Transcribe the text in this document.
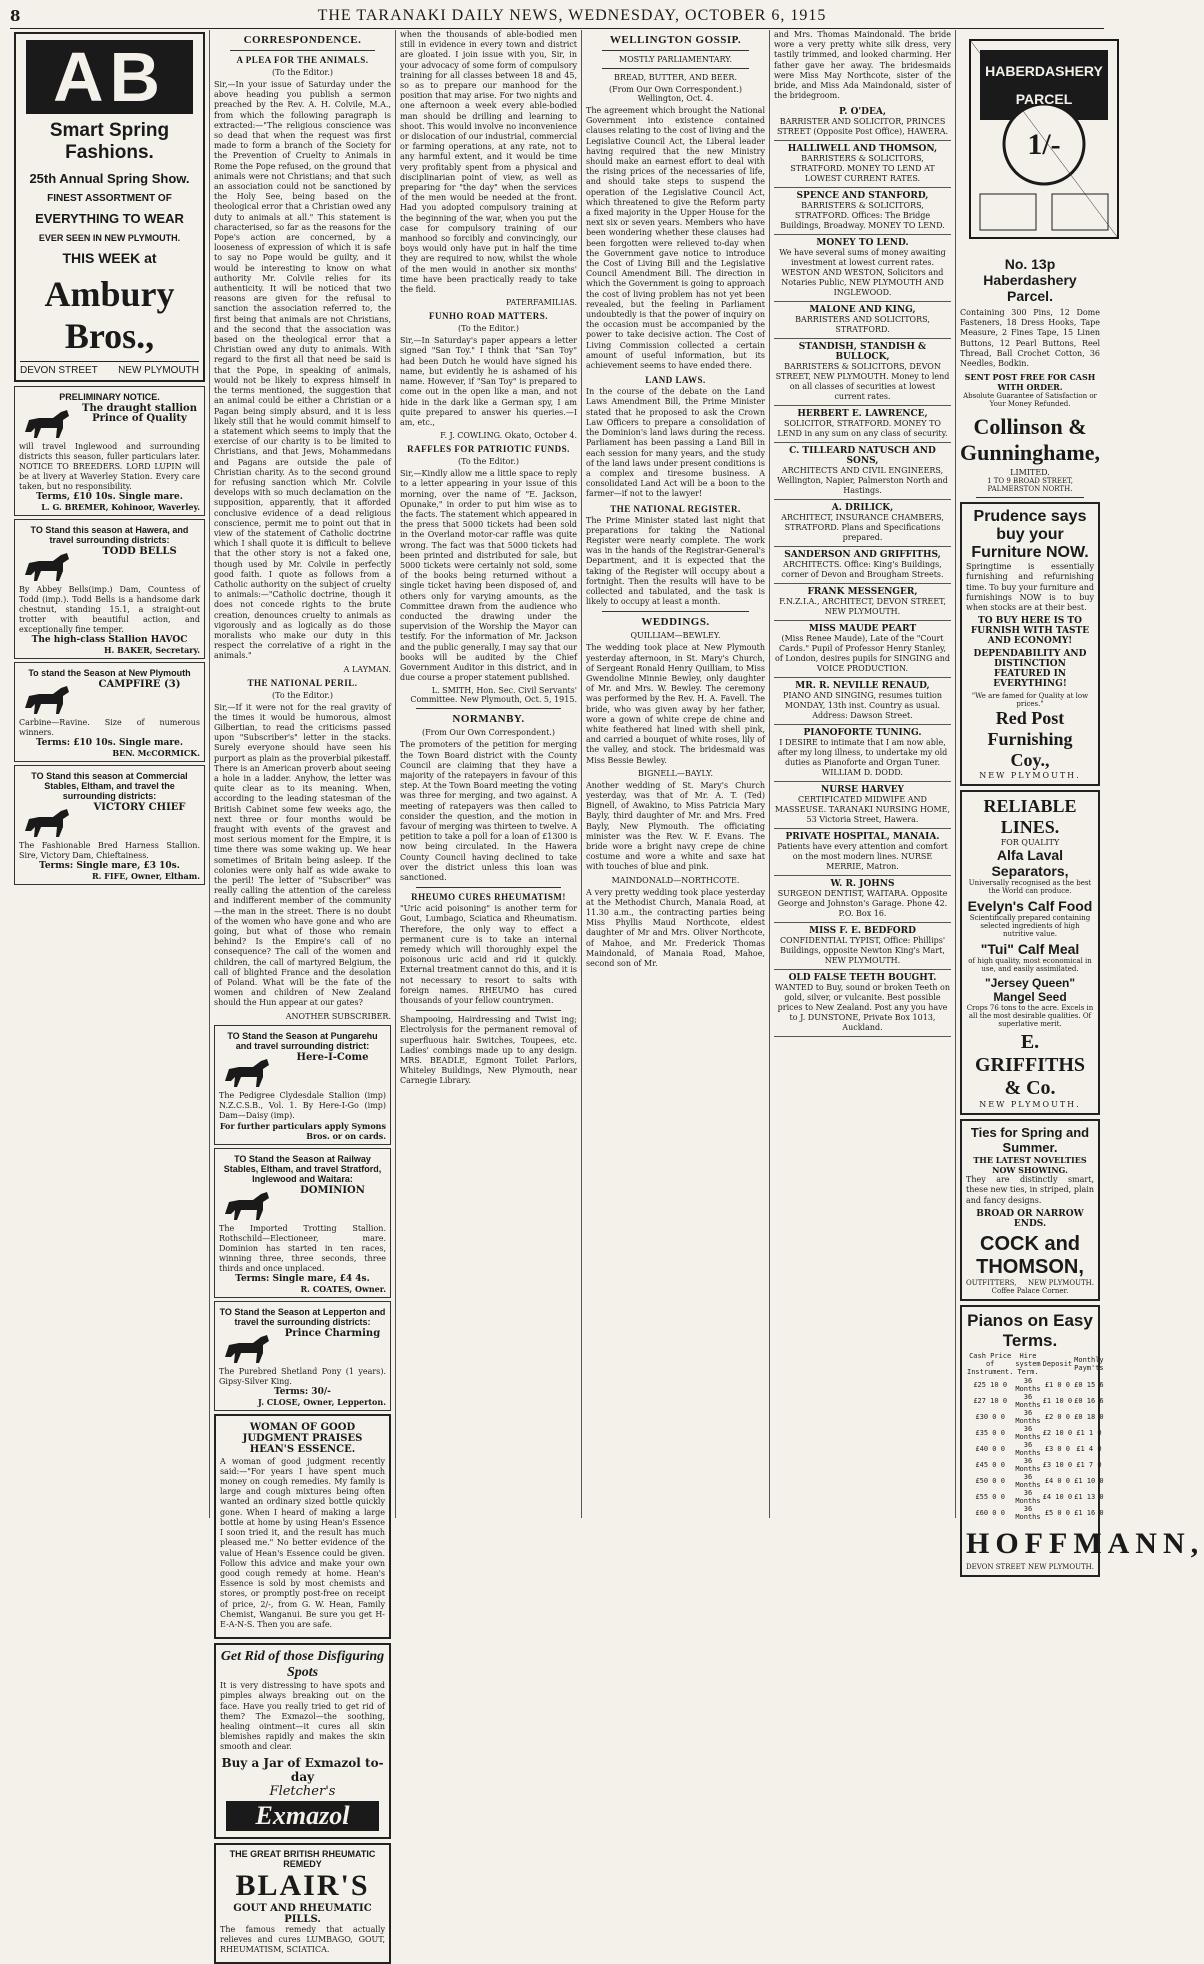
8	THE TARANAKI DAILY NEWS, WEDNESDAY, OCTOBER 6, 1915
AB
Smart Spring Fashions.
25th Annual Spring Show.
FINEST ASSORTMENT OF
EVERYTHING TO WEAR
EVER SEEN IN NEW PLYMOUTH.
THIS WEEK at
Ambury Bros.,
DEVON STREET NEW PLYMOUTH
PRELIMINARY NOTICE.
The draught stallion Prince of Quality
will travel Inglewood and surrounding districts this season, fuller particulars later. NOTICE TO BREEDERS. LORD LUPIN will be at livery at Waverley Station. Every care taken, but no responsibility.
Terms, £10 10s. Single mare.
L. G. BREMER, Kohinoor, Waverley.
TO Stand this season at Hawera, and travel surrounding districts:
TODD BELLS
By Abbey Bells(imp.) Dam, Countess of Todd (imp.). Todd Bells is a handsome dark chestnut, standing 15.1, a straight-out trotter with beautiful action, and exceptionally fine temper.
The high-class Stallion HAVOC
H. BAKER, Secretary.
To stand the Season at New Plymouth
CAMPFIRE (3)
Carbine—Ravine. Size of numerous winners.
Terms: £10 10s. Single mare.
BEN. McCORMICK.
TO Stand this season at Commercial Stables, Eltham, and travel the surrounding districts:
VICTORY CHIEF
The Fashionable Bred Harness Stallion. Sire, Victory Dam, Chieftainess.
Terms: Single mare, £3 10s.
R. FIFE, Owner, Eltham.
CORRESPONDENCE.
A PLEA FOR THE ANIMALS.
(To the Editor.)

Sir,—In your issue of Saturday under the above heading you publish a sermon preached by the Rev. A. H. Colvile, M.A., from which the following paragraph is extracted:—"The religious conscience was so dead that when the request was first made to form a branch of the Society for the Prevention of Cruelty to Animals in Rome the Pope refused, on the ground that animals were not Christians; and that such an association could not be sanctioned by the Holy See, being based on the theological error that a Christian owed any duty to animals at all." This statement is characterised, so far as the reasons for the Pope's action are concerned, by a looseness of expression of which it is safe to say no Pope would be guilty, and it would be interesting to know on what authority Mr. Colvile relies for its authenticity. It will be noticed that two reasons are given for the refusal to sanction the association referred to, the first being that animals are not Christians, and the second that the association was based on the theological error that a Christian owed any duty to animals. With regard to the first all that need be said is that the Pope, in speaking of animals, would not be likely to express himself in the terms mentioned, the suggestion that an animal could be either a Christian or a Pagan being simply absurd, and it is less likely still that he would commit himself to a statement which seems to imply that the exercise of our charity is to be limited to Christians, and that Jews, Mohammedans and Pagans are outside the pale of Christian charity. As to the second ground for refusing sanction which Mr. Colvile develops with so much declamation on the supposition, apparently, that it afforded conclusive evidence of a dead religious conscience, permit me to point out that in view of the statement of Catholic doctrine which I shall quote it is difficult to believe that the other story is not a faked one, though used by Mr. Colvile in perfectly good faith. I quote as follows from a Catholic authority on the subject of cruelty to animals:—"Catholic doctrine, though it does not concede rights to the brute creation, denounces cruelty to animals as vigorously and as logically as do those moralists who make our duty in this respect the correlative of a right in the animals."

A LAYMAN.

THE NATIONAL PERIL.
(To the Editor.)

Sir,—If it were not for the real gravity of the times it would be humorous, almost Gilbertian, to read the criticisms passed upon "Subscriber's" letter in the stacks. Surely everyone should have seen his purport as plain as the proverbial pikestaff. There is an American proverb about seeing a hole in a ladder. Anyhow, the letter was quite clear as to its meaning. When, according to the leading statesman of the British Cabinet some few weeks ago, the next three or four months would be fraught with events of the gravest and most serious moment for the Empire, it is time there was some waking up. We hear sometimes of Britain being asleep. If the colonies were only half as wide awake to the peril! The letter of "Subscriber" was really calling the attention of the careless and indifferent member of the community—the man in the street. There is no doubt of the women who have gone and who are going, but what of those who remain behind? Is the Empire's call of no consequence? The call of the women and children, the call of martyred Belgium, the call of blighted France and the desolation of Poland. What will be the fate of the women and children of New Zealand should the Hun appear at our gates?

ANOTHER SUBSCRIBER.

TO Stand the Season at Pungarehu and travel surrounding district:
Here-I-Come
The Pedigree Clydesdale Stallion (imp) N.Z.C.S.B., Vol. 1. By Here-I-Go (imp) Dam—Daisy (imp).
For further particulars apply Symons Bros. or on cards.
TO Stand the Season at Railway Stables, Eltham, and travel Stratford, Inglewood and Waitara:
DOMINION
The Imported Trotting Stallion. Rothschild—Electioneer, mare. Dominion has started in ten races, winning three, three seconds, three thirds and once unplaced.
Terms: Single mare, £4 4s.
R. COATES, Owner.
TO Stand the Season at Lepperton and travel the surrounding districts:
Prince Charming
The Purebred Shetland Pony (1 years). Gipsy-Silver King.
Terms: 30/-
J. CLOSE, Owner, Lepperton.
WOMAN OF GOOD JUDGMENT PRAISES HEAN'S ESSENCE.

A woman of good judgment recently said:—"For years I have spent much money on cough remedies. My family is large and cough mixtures being often wanted an ordinary sized bottle quickly gone. When I heard of making a large bottle at home by using Hean's Essence I soon tried it, and the result has much pleased me." No better evidence of the value of Hean's Essence could be given. Follow this advice and make your own good cough remedy at home. Hean's Essence is sold by most chemists and stores, or promptly post-free on receipt of price, 2/-, from G. W. Hean, Family Chemist, Wanganui. Be sure you get H-E-A-N-S. Then you are safe.

Get Rid of those Disfiguring Spots

It is very distressing to have spots and pimples always breaking out on the face. Have you really tried to get rid of them? The Exmazol—the soothing, healing ointment—it cures all skin blemishes rapidly and makes the skin smooth and clear.

Buy a Jar of Exmazol to-day
Fletcher's
Exmazol
THE GREAT BRITISH RHEUMATIC REMEDY
BLAIR'S
GOUT AND RHEUMATIC PILLS.

The famous remedy that actually relieves and cures LUMBAGO, GOUT, RHEUMATISM, SCIATICA.

when the thousands of able-bodied men still in evidence in every town and district are gloated. I join issue with you, Sir, in your advocacy of some form of compulsory training for all classes between 18 and 45, so as to prepare our manhood for the position that may arise. For two nights and one afternoon a week every able-bodied man should be drilling and learning to shoot. This would involve no inconvenience or dislocation of our industrial, commercial or farming operations, at any rate, not to any harmful extent, and it would be time very profitably spent from a physical and disciplinarian point of view, as well as preparing for "the day" when the services of the men would be needed at the front. Had you adopted compulsory training at the beginning of the war, when you put the case for compulsory training of our manhood so forcibly and convincingly, our boys would only have put in half the time they are required to now, whilst the whole of the men would in another six months' time have been practically ready to take the field.

PATERFAMILIAS.

FUNHO ROAD MATTERS.
(To the Editor.)

Sir,—In Saturday's paper appears a letter signed "San Toy." I think that "San Toy" had been Dutch he would have signed his name, but evidently he is ashamed of his name. However, if "San Toy" is prepared to come out in the open like a man, and not hide in the dark like a German spy, I am quite prepared to answer his queries.—I am, etc.,

F. J. COWLING. Okato, October 4.

RAFFLES FOR PATRIOTIC FUNDS.
(To the Editor.)

Sir,—Kindly allow me a little space to reply to a letter appearing in your issue of this morning, over the name of "E. Jackson, Opunake," in order to put him wise as to the facts. The statement which appeared in the press that 5000 tickets had been sold in the Overland motor-car raffle was quite wrong. The fact was that 5000 tickets had been printed and distributed for sale, but 5000 tickets were certainly not sold, some of the books being returned without a single ticket having been disposed of, and others only for varying amounts, as the Committee drawn from the audience who conducted the drawing under the supervision of the Worship the Mayor can testify. For the information of Mr. Jackson and the public generally, I may say that our books will be audited by the Chief Government Auditor in this district, and in due course a proper statement published.

L. SMITH, Hon. Sec. Civil Servants' Committee. New Plymouth, Oct. 5, 1915.

NORMANBY.
(From Our Own Correspondent.)

The promoters of the petition for merging the Town Board district with the County Council are claiming that they have a majority of the ratepayers in favour of this step. At the Town Board meeting the voting was three for merging, and two against. A meeting of ratepayers was then called to consider the question, and the motion in favour of merging was thirteen to twelve. A petition to take a poll for a loan of £1300 is now being circulated. In the Hawera County Council having declined to take over the district unless this loan was sanctioned.

RHEUMO CURES RHEUMATISM!

"Uric acid poisoning" is another term for Gout, Lumbago, Sciatica and Rheumatism. Therefore, the only way to effect a permanent cure is to take an internal remedy which will thoroughly expel the poisonous uric acid and rid it quickly. External treatment cannot do this, and it is not necessary to resort to salts with foreign names. RHEUMO has cured thousands of your fellow countrymen.

Shampooing, Hairdressing and Twist ing; Electrolysis for the permanent removal of superfluous hair. Switches, Toupees, etc. Ladies' combings made up to any design. MRS. BEADLE, Egmont Toilet Parlors, Whiteley Buildings, New Plymouth, near Carnegie Library.

WELLINGTON GOSSIP.
MOSTLY PARLIAMENTARY.
BREAD, BUTTER, AND BEER.
(From Our Own Correspondent.) Wellington, Oct. 4.

The agreement which brought the National Government into existence contained clauses relating to the cost of living and the Legislative Council Act, the Liberal leader having required that the new Ministry should make an earnest effort to deal with the rising prices of the necessaries of life, and should take steps to suspend the operation of the Legislative Council Act, which threatened to give the Reform party a fixed majority in the Upper House for the next six or seven years. Members who have been wondering whether these clauses had been forgotten were relieved to-day when the Government gave notice to introduce the Cost of Living Bill and the Legislative Council Amendment Bill. The direction in which the Government is going to approach the cost of living problem has not yet been revealed, but the feeling in Parliament undoubtedly is that the power of inquiry on the occasion must be accompanied by the power to take decisive action. The Cost of Living Commission collected a certain amount of useful information, but its achievement seems to have ended there.

LAND LAWS.

In the course of the debate on the Land Laws Amendment Bill, the Prime Minister stated that he proposed to ask the Crown Law Officers to prepare a consolidation of the Dominion's land laws during the recess. Parliament has been passing a Land Bill in each session for many years, and the study of the land laws under present conditions is a complex and tiresome business. A consolidated Land Act will be a boon to the farmer—if not to the lawyer!

THE NATIONAL REGISTER.

The Prime Minister stated last night that preparations for taking the National Register were nearly complete. The work was in the hands of the Registrar-General's Department, and it is expected that the taking of the Register will occupy about a fortnight. Then the results will have to be collected and tabulated, and the task is likely to occupy at least a month.

WEDDINGS.
QUILLIAM—BEWLEY.

The wedding took place at New Plymouth yesterday afternoon, in St. Mary's Church, of Sergeant Ronald Henry Quilliam, to Miss Gwendoline Minnie Bewley, only daughter of Mr. and Mrs. W. Bewley. The ceremony was performed by the Rev. H. A. Favell. The bride, who was given away by her father, wore a gown of white crepe de chine and white feathered hat lined with shell pink, and carried a bouquet of white roses, lily of the valley, and stock. The bridesmaid was Miss Bessie Bewley.

BIGNELL—BAYLY.

Another wedding of St. Mary's Church yesterday, was that of Mr. A. T. (Ted) Bignell, of Awakino, to Miss Patricia Mary Bayly, third daughter of Mr. and Mrs. Fred Bayly, New Plymouth. The officiating minister was the Rev. W. F. Evans. The bride wore a bright navy crepe de chine costume and wore a white and saxe hat with touches of blue and pink.

MAINDONALD—NORTHCOTE.

A very pretty wedding took place yesterday at the Methodist Church, Manaia Road, at 11.30 a.m., the contracting parties being Miss Phyllis Maud Northcote, eldest daughter of Mr and Mrs. Oliver Northcote, of Mahoe, and Mr. Frederick Thomas Maindonald, of Manaia Road, Mahoe, second son of Mr.

and Mrs. Thomas Maindonald. The bride wore a very pretty white silk dress, very tastily trimmed, and looked charming. Her father gave her away. The bridesmaids were Miss May Northcote, sister of the bride, and Miss Ada Maindonald, sister of the bridegroom.

P. O'DEA,
BARRISTER AND SOLICITOR, PRINCES STREET (Opposite Post Office), HAWERA.
HALLIWELL AND THOMSON,
BARRISTERS & SOLICITORS, STRATFORD. MONEY TO LEND AT LOWEST CURRENT RATES.
SPENCE AND STANFORD,
BARRISTERS & SOLICITORS, STRATFORD. Offices: The Bridge Buildings, Broadway. MONEY TO LEND.
MONEY TO LEND.
We have several sums of money awaiting investment at lowest current rates. WESTON AND WESTON, Solicitors and Notaries Public, NEW PLYMOUTH AND INGLEWOOD.
MALONE AND KING,
BARRISTERS AND SOLICITORS, STRATFORD.
STANDISH, STANDISH & BULLOCK,
BARRISTERS & SOLICITORS, DEVON STREET, NEW PLYMOUTH. Money to lend on all classes of securities at lowest current rates.
HERBERT E. LAWRENCE,
SOLICITOR, STRATFORD. MONEY TO LEND in any sum on any class of security.
C. TILLEARD NATUSCH AND SONS,
ARCHITECTS AND CIVIL ENGINEERS, Wellington, Napier, Palmerston North and Hastings.
A. DRILICK,
ARCHITECT, INSURANCE CHAMBERS, STRATFORD. Plans and Specifications prepared.
SANDERSON AND GRIFFITHS,
ARCHITECTS. Office: King's Buildings, corner of Devon and Brougham Streets.
FRANK MESSENGER,
F.N.Z.I.A., ARCHITECT, DEVON STREET, NEW PLYMOUTH.
MISS MAUDE PEART
(Miss Renee Maude), Late of the "Court Cards." Pupil of Professor Henry Stanley, of London, desires pupils for SINGING and VOICE PRODUCTION.
MR. R. NEVILLE RENAUD,
PIANO AND SINGING, resumes tuition MONDAY, 13th inst. Country as usual. Address: Dawson Street.
PIANOFORTE TUNING.
I DESIRE to intimate that I am now able, after my long illness, to undertake my old duties as Pianoforte and Organ Tuner. WILLIAM D. DODD.
NURSE HARVEY
CERTIFICATED MIDWIFE AND MASSEUSE. TARANAKI NURSING HOME, 53 Victoria Street, Hawera.
PRIVATE HOSPITAL, MANAIA.
Patients have every attention and comfort on the most modern lines. NURSE MERRIE, Matron.
W. R. JOHNS
SURGEON DENTIST, WAITARA. Opposite George and Johnston's Garage. Phone 42. P.O. Box 16.
MISS F. E. BEDFORD
CONFIDENTIAL TYPIST, Office: Phillips' Buildings, opposite Newton King's Mart, NEW PLYMOUTH.
OLD FALSE TEETH BOUGHT.
WANTED to Buy, sound or broken Teeth on gold, silver, or vulcanite. Best possible prices to New Zealand. Post any you have to J. DUNSTONE, Private Box 1013, Auckland.
HABERDASHERY
1/-
PARCEL
No. 13p Haberdashery Parcel.

Containing 300 Pins, 12 Dome Fasteners, 18 Dress Hooks, Tape Measure, 2 Fines Tape, 15 Linen Buttons, 12 Pearl Buttons, Reel Thread, Ball Crochet Cotton, 36 Needles, Bodkin.

SENT POST FREE FOR CASH WITH ORDER.
Absolute Guarantee of Satisfaction or Your Money Refunded.
Collinson & Gunninghame,
LIMITED.
1 TO 9 BROAD STREET, PALMERSTON NORTH.
Prudence says buy your Furniture NOW.

Springtime is essentially furnishing and refurnishing time. To buy your furniture and furnishings NOW is to buy when stocks are at their best.

TO BUY HERE IS TO FURNISH WITH TASTE AND ECONOMY!
DEPENDABILITY AND DISTINCTION FEATURED IN EVERYTHING!
"We are famed for Quality at low prices."
Red Post Furnishing Coy.,
NEW PLYMOUTH.
RELIABLE LINES.
FOR QUALITY
Alfa Laval Separators,
Universally recognised as the best the World can produce.
Evelyn's Calf Food
Scientifically prepared containing selected ingredients of high nutritive value.
"Tui" Calf Meal
of high quality, most economical in use, and easily assimilated.
"Jersey Queen" Mangel Seed
Crops 76 tons to the acre. Excels in all the most desirable qualities. Of superlative merit.
E. GRIFFITHS & Co.
NEW PLYMOUTH.
Ties for Spring and Summer.
THE LATEST NOVELTIES NOW SHOWING.

They are distinctly smart, these new ties, in striped, plain and fancy designs.

BROAD OR NARROW ENDS.
COCK and THOMSON,
OUTFITTERS, NEW PLYMOUTH.
Coffee Palace Corner.
Pianos on Easy Terms.
Cash Price of Instrument.	Hire system Term.	Deposit	Monthly Paym'ts
£25 10 0	36 Months	£1 0 0	£0 15 6
£27 10 0	36 Months	£1 10 0	£0 16 6
£30 0 0	36 Months	£2 0 0	£0 18 0
£35 0 0	36 Months	£2 10 0	£1 1 0
£40 0 0	36 Months	£3 0 0	£1 4 0
£45 0 0	36 Months	£3 10 0	£1 7 0
£50 0 0	36 Months	£4 0 0	£1 10 0
£55 0 0	36 Months	£4 10 0	£1 13 0
£60 0 0	36 Months	£5 0 0	£1 16 0
HOFFMANN,
DEVON STREET NEW PLYMOUTH.
